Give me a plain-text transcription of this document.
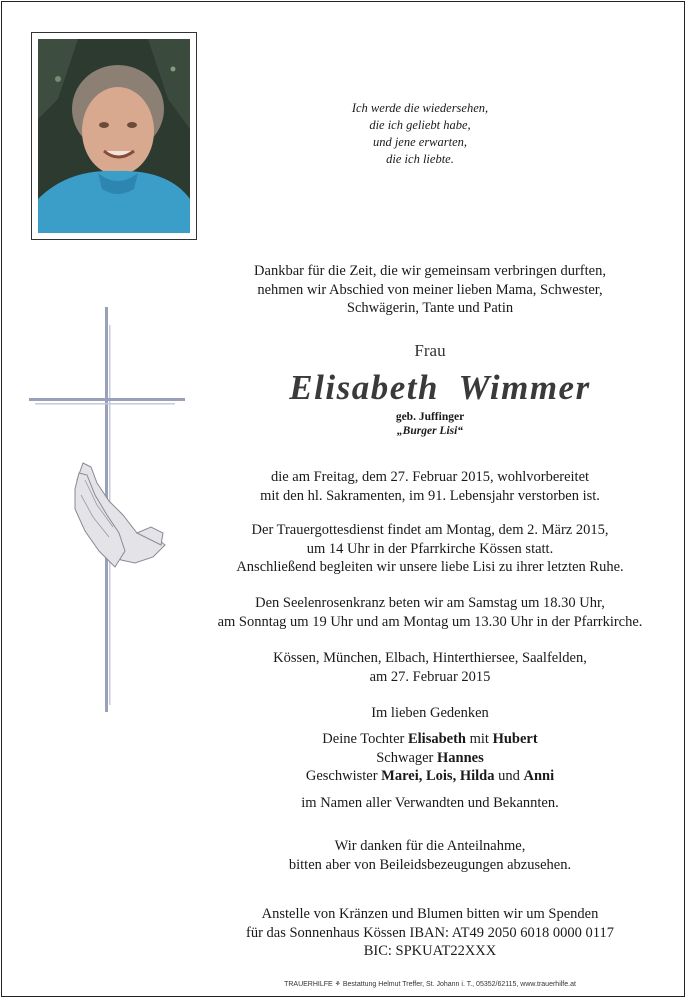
Ich werde die wiedersehen,
die ich geliebt habe,
und jene erwarten,
die ich liebte.
Dankbar für die Zeit, die wir gemeinsam verbringen durften,
nehmen wir Abschied von meiner lieben Mama, Schwester,
Schwägerin, Tante und Patin
Frau
Elisabeth Wimmer
geb. Juffinger
„Burger Lisi“
die am Freitag, dem 27. Februar 2015, wohlvorbereitet
mit den hl. Sakramenten, im 91. Lebensjahr verstorben ist.
Der Trauergottesdienst findet am Montag, dem 2. März 2015,
um 14 Uhr in der Pfarrkirche Kössen statt.
Anschließend begleiten wir unsere liebe Lisi zu ihrer letzten Ruhe.
Den Seelenrosenkranz beten wir am Samstag um 18.30 Uhr,
am Sonntag um 19 Uhr und am Montag um 13.30 Uhr in der Pfarrkirche.
Kössen, München, Elbach, Hinterthiersee, Saalfelden,
am 27. Februar 2015
Im lieben Gedenken
Deine Tochter Elisabeth mit Hubert
Schwager Hannes
Geschwister Marei, Lois, Hilda und Anni
im Namen aller Verwandten und Bekannten.
Wir danken für die Anteilnahme,
bitten aber von Beileidsbezeugungen abzusehen.
Anstelle von Kränzen und Blumen bitten wir um Spenden
für das Sonnenhaus Kössen IBAN: AT49 2050 6018 0000 0117
BIC: SPKUAT22XXX
TRAUERHILFE ⚘ Bestattung Helmut Treffer, St. Johann i. T., 05352/62115, www.trauerhilfe.at
